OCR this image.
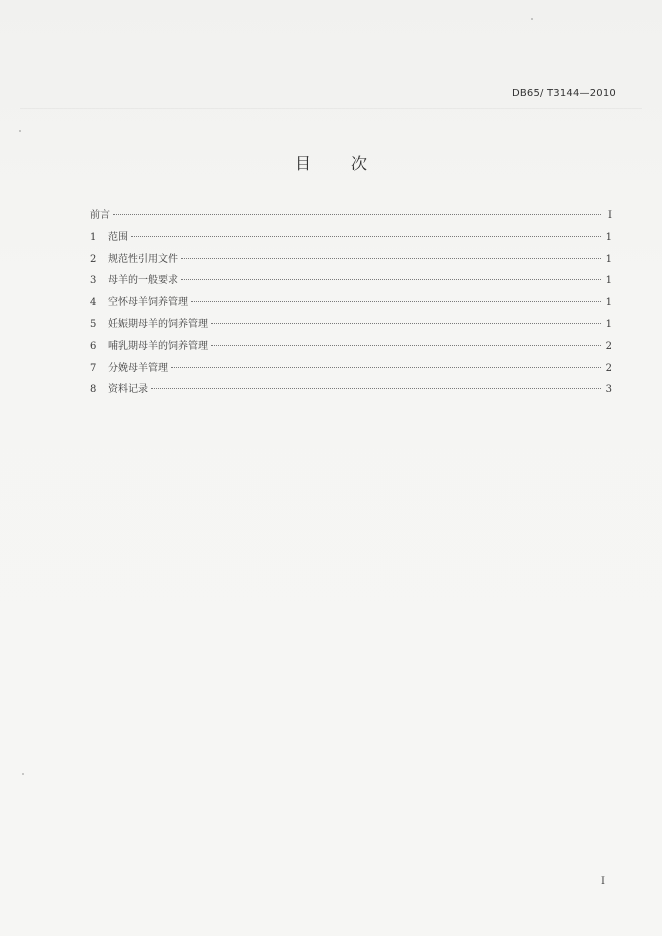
DB65/ T3144—2010
目	次
前言	I
1	范围	1
2	规范性引用文件	1
3	母羊的一般要求	1
4	空怀母羊饲养管理	1
5	妊娠期母羊的饲养管理	1
6	哺乳期母羊的饲养管理	2
7	分娩母羊管理	2
8	资料记录	3
I
